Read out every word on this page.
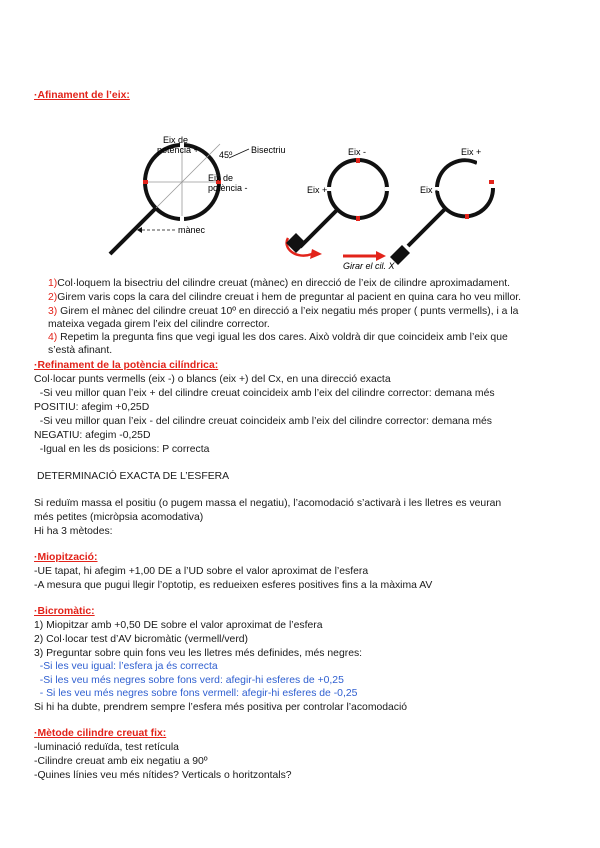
·Afinament de l’eix:
Eix de
potència + 45º Bisectriu
Eix de
potència -
mànec
Eix -
Eix +
Eix +
Eix -
Girar el cil. X
1)Col·loquem la bisectriu del cilindre creuat (mànec) en direcció de l’eix de cilindre aproximadament.
2)Girem varis cops la cara del cilindre creuat i hem de preguntar al pacient en quina cara ho veu millor.
3) Girem el mànec del cilindre creuat 10º en direcció a l’eix negatiu més proper ( punts vermells), i a la
mateixa vegada girem l’eix del cilindre corrector.
4) Repetim la pregunta fins que vegi igual les dos cares. Això voldrà dir que coincideix amb l’eix que
s’està afinant.
·Refinament de la potència cilíndrica:
Col·locar punts vermells (eix -) o blancs (eix +) del Cx, en una direcció exacta
-Si veu millor quan l’eix + del cilindre creuat coincideix amb l’eix del cilindre corrector: demana més
POSITIU: afegim +0,25D
-Si veu millor quan l’eix - del cilindre creuat coincideix amb l’eix del cilindre corrector: demana més
NEGATIU: afegim -0,25D
-Igual en les ds posicions: P correcta
DETERMINACIÓ EXACTA DE L’ESFERA
Si reduïm massa el positiu (o pugem massa el negatiu), l’acomodació s’activarà i les lletres es veuran
més petites (micròpsia acomodativa)
Hi ha 3 mètodes:
·Miopització:
-UE tapat, hi afegim +1,00 DE a l’UD sobre el valor aproximat de l’esfera
-A mesura que pugui llegir l’optotip, es redueixen esferes positives fins a la màxima AV
·Bicromàtic:
1) Miopitzar amb +0,50 DE sobre el valor aproximat de l’esfera
2) Col·locar test d’AV bicromàtic (vermell/verd)
3) Preguntar sobre quin fons veu les lletres més definides, més negres:
-Si les veu igual: l’esfera ja és correcta
-Si les veu més negres sobre fons verd: afegir-hi esferes de +0,25
- Si les veu més negres sobre fons vermell: afegir-hi esferes de -0,25
Si hi ha dubte, prendrem sempre l’esfera més positiva per controlar l’acomodació
·Mètode cilindre creuat fix:
-luminació reduïda, test retícula
-Cilindre creuat amb eix negatiu a 90º
-Quines línies veu més nítides? Verticals o horitzontals?
